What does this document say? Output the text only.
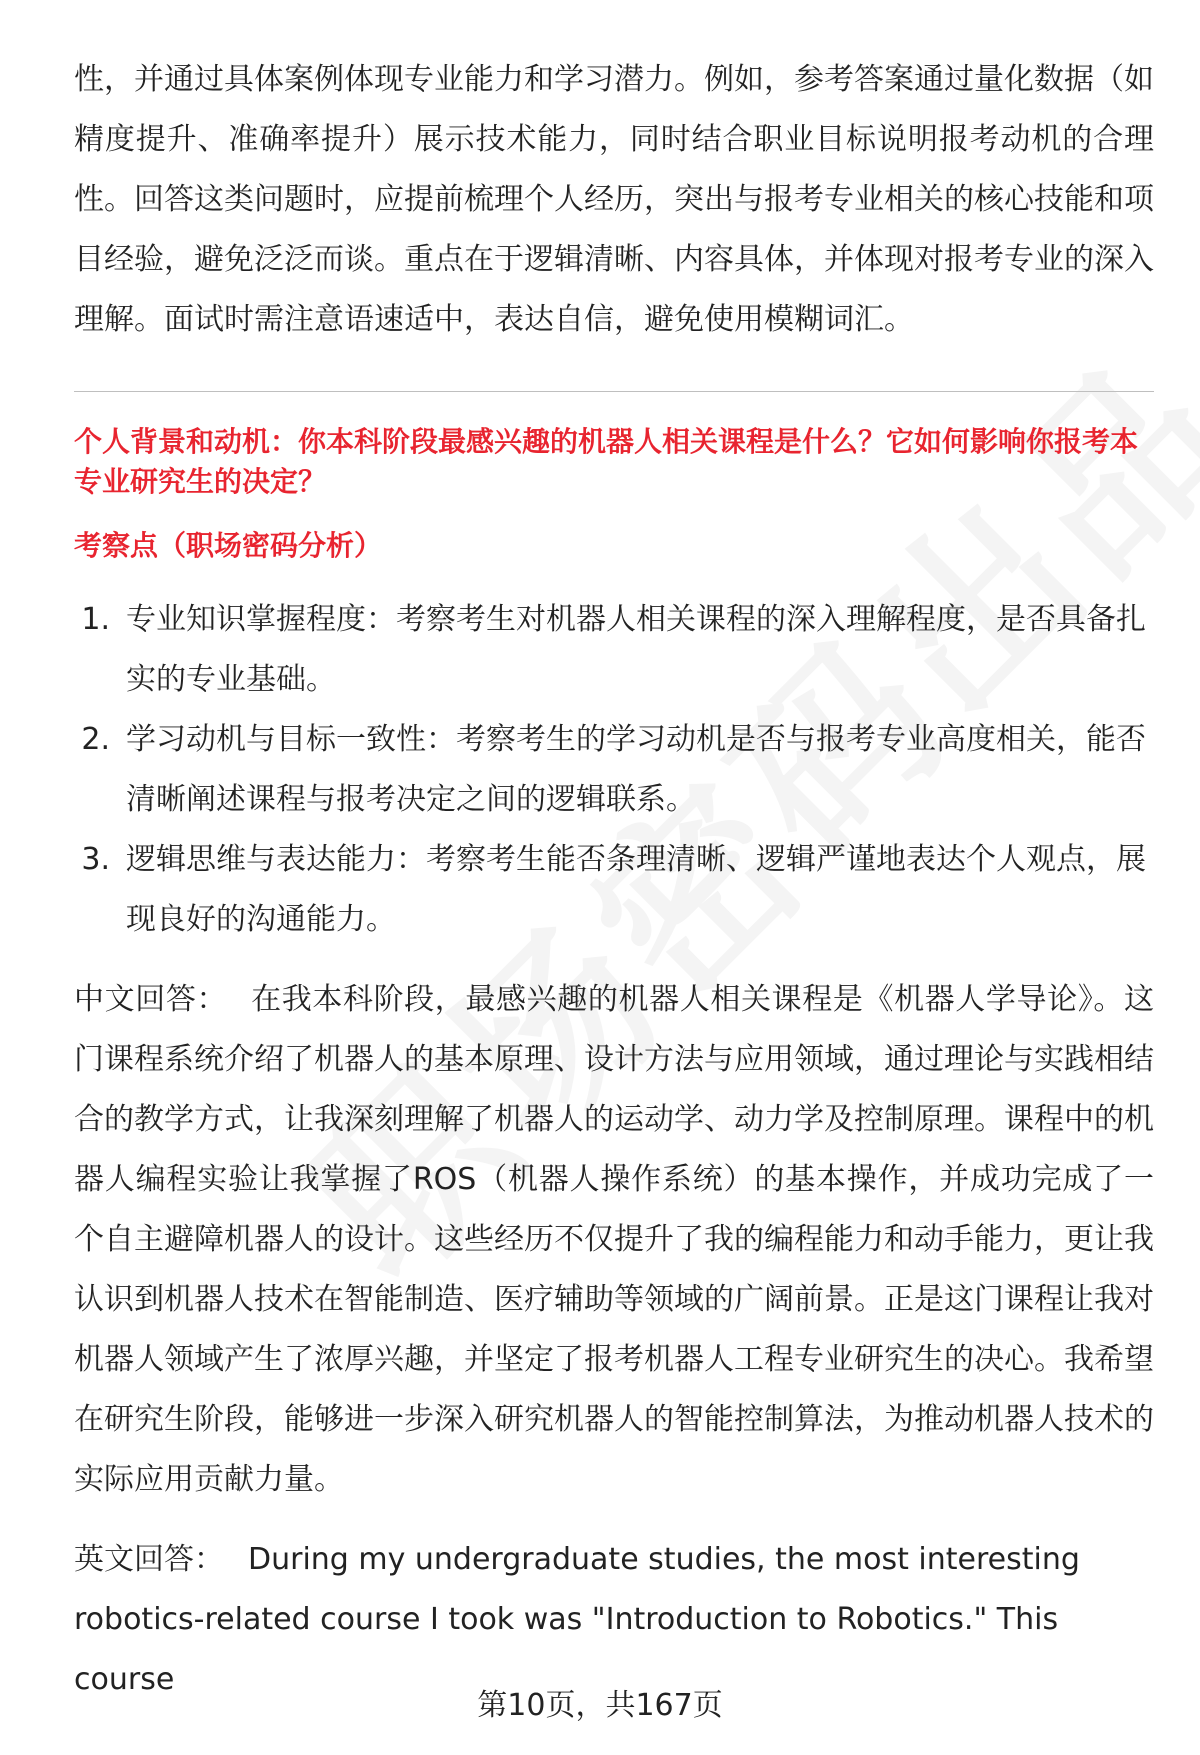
性，并通过具体案例体现专业能力和学习潜力。例如，参考答案通过量化数据（如精度提升、准确率提升）展示技术能力，同时结合职业目标说明报考动机的合理性。回答这类问题时，应提前梳理个人经历，突出与报考专业相关的核心技能和项目经验，避免泛泛而谈。重点在于逻辑清晰、内容具体，并体现对报考专业的深入理解。面试时需注意语速适中，表达自信，避免使用模糊词汇。

个人背景和动机：你本科阶段最感兴趣的机器人相关课程是什么？它如何影响你报考本专业研究生的决定？

考察点（职场密码分析）

1. 专业知识掌握程度：考察考生对机器人相关课程的深入理解程度，是否具备扎实的专业基础。
2. 学习动机与目标一致性：考察考生的学习动机是否与报考专业高度相关，能否清晰阐述课程与报考决定之间的逻辑联系。
3. 逻辑思维与表达能力：考察考生能否条理清晰、逻辑严谨地表达个人观点，展现良好的沟通能力。

中文回答： 在我本科阶段，最感兴趣的机器人相关课程是《机器人学导论》。这门课程系统介绍了机器人的基本原理、设计方法与应用领域，通过理论与实践相结合的教学方式，让我深刻理解了机器人的运动学、动力学及控制原理。课程中的机器人编程实验让我掌握了ROS（机器人操作系统）的基本操作，并成功完成了一个自主避障机器人的设计。这些经历不仅提升了我的编程能力和动手能力，更让我认识到机器人技术在智能制造、医疗辅助等领域的广阔前景。正是这门课程让我对机器人领域产生了浓厚兴趣，并坚定了报考机器人工程专业研究生的决心。我希望在研究生阶段，能够进一步深入研究机器人的智能控制算法，为推动机器人技术的实际应用贡献力量。

英文回答： During my undergraduate studies, the most interesting robotics-related course I took was "Introduction to Robotics." This course

第10页，共167页
